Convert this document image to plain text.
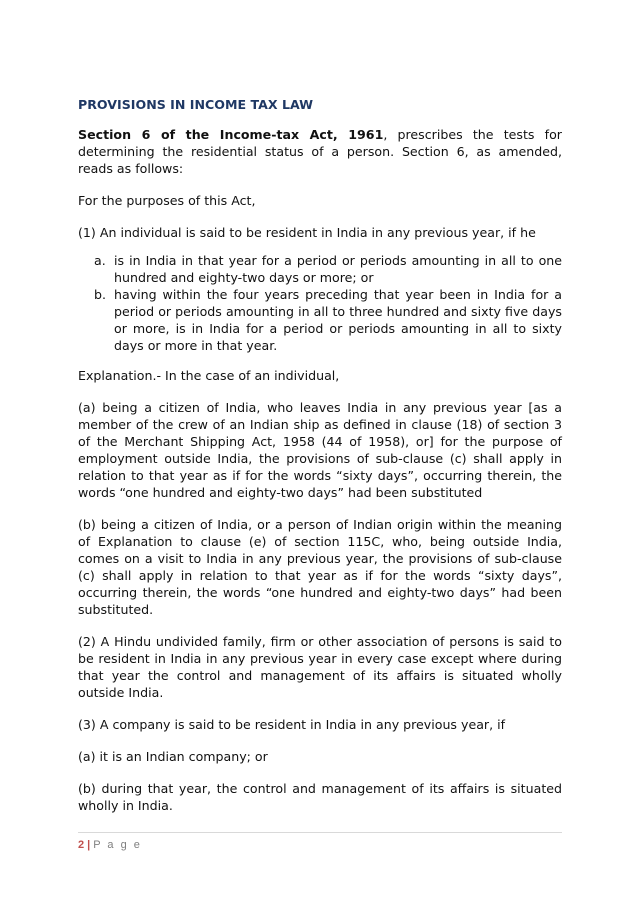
PROVISIONS IN INCOME TAX LAW

Section 6 of the Income-tax Act, 1961, prescribes the tests for determining the residential status of a person. Section 6, as amended, reads as follows:

For the purposes of this Act,

(1) An individual is said to be resident in India in any previous year, if he

a. is in India in that year for a period or periods amounting in all to one hundred and eighty-two days or more; or
b. having within the four years preceding that year been in India for a period or periods amounting in all to three hundred and sixty five days or more, is in India for a period or periods amounting in all to sixty days or more in that year.

Explanation.- In the case of an individual,

(a) being a citizen of India, who leaves India in any previous year [as a member of the crew of an Indian ship as defined in clause (18) of section 3 of the Merchant Shipping Act, 1958 (44 of 1958), or] for the purpose of employment outside India, the provisions of sub-clause (c) shall apply in relation to that year as if for the words “sixty days”, occurring therein, the words “one hundred and eighty-two days” had been substituted

(b) being a citizen of India, or a person of Indian origin within the meaning of Explanation to clause (e) of section 115C, who, being outside India, comes on a visit to India in any previous year, the provisions of sub-clause (c) shall apply in relation to that year as if for the words “sixty days”, occurring therein, the words “one hundred and eighty-two days” had been substituted.

(2) A Hindu undivided family, firm or other association of persons is said to be resident in India in any previous year in every case except where during that year the control and management of its affairs is situated wholly outside India.

(3) A company is said to be resident in India in any previous year, if

(a) it is an Indian company; or

(b) during that year, the control and management of its affairs is situated wholly in India.

2 | P a g e
